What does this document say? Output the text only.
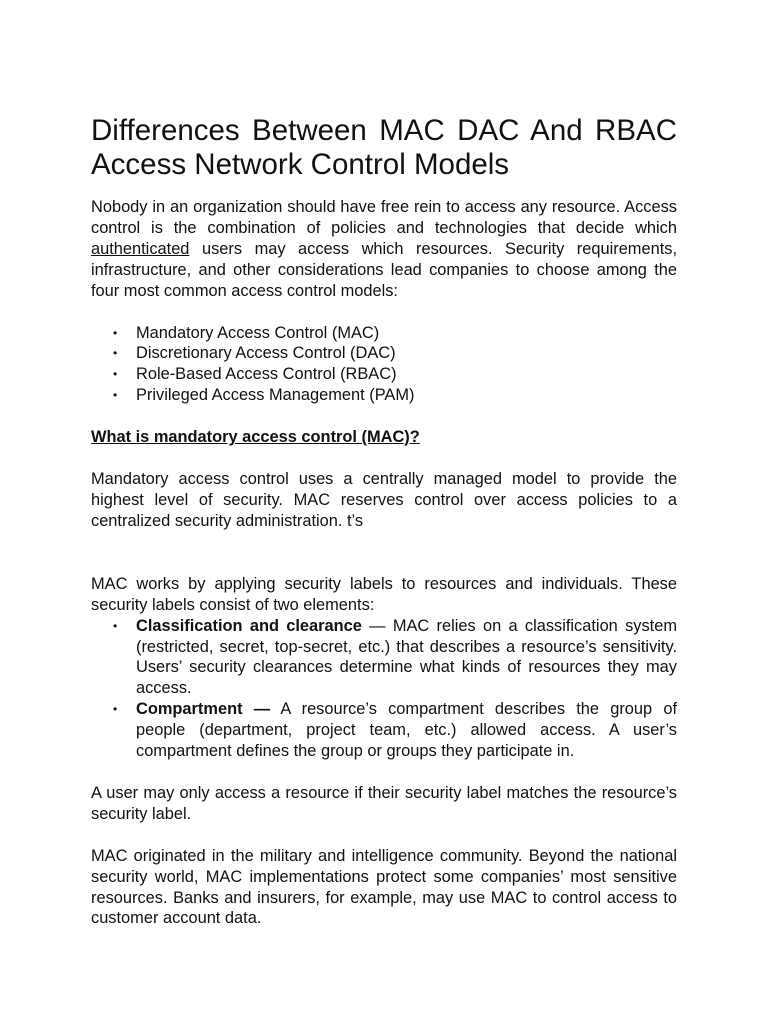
Differences Between MAC DAC And RBAC
Access Network Control Models

Nobody in an organization should have free rein to access any resource. Access control is the combination of policies and technologies that decide which authenticated users may access which resources. Security requirements, infrastructure, and other considerations lead companies to choose among the four most common access control models:

• Mandatory Access Control (MAC)
• Discretionary Access Control (DAC)
• Role-Based Access Control (RBAC)
• Privileged Access Management (PAM)
What is mandatory access control (MAC)?

Mandatory access control uses a centrally managed model to provide the highest level of security. MAC reserves control over access policies to a centralized security administration. t’s

MAC works by applying security labels to resources and individuals. These security labels consist of two elements:

• Classification and clearance — MAC relies on a classification system (restricted, secret, top-secret, etc.) that describes a resource’s sensitivity. Users’ security clearances determine what kinds of resources they may access.
• Compartment — A resource’s compartment describes the group of people (department, project team, etc.) allowed access. A user’s compartment defines the group or groups they participate in.

A user may only access a resource if their security label matches the resource’s security label.

MAC originated in the military and intelligence community. Beyond the national security world, MAC implementations protect some companies’ most sensitive resources. Banks and insurers, for example, may use MAC to control access to customer account data.
